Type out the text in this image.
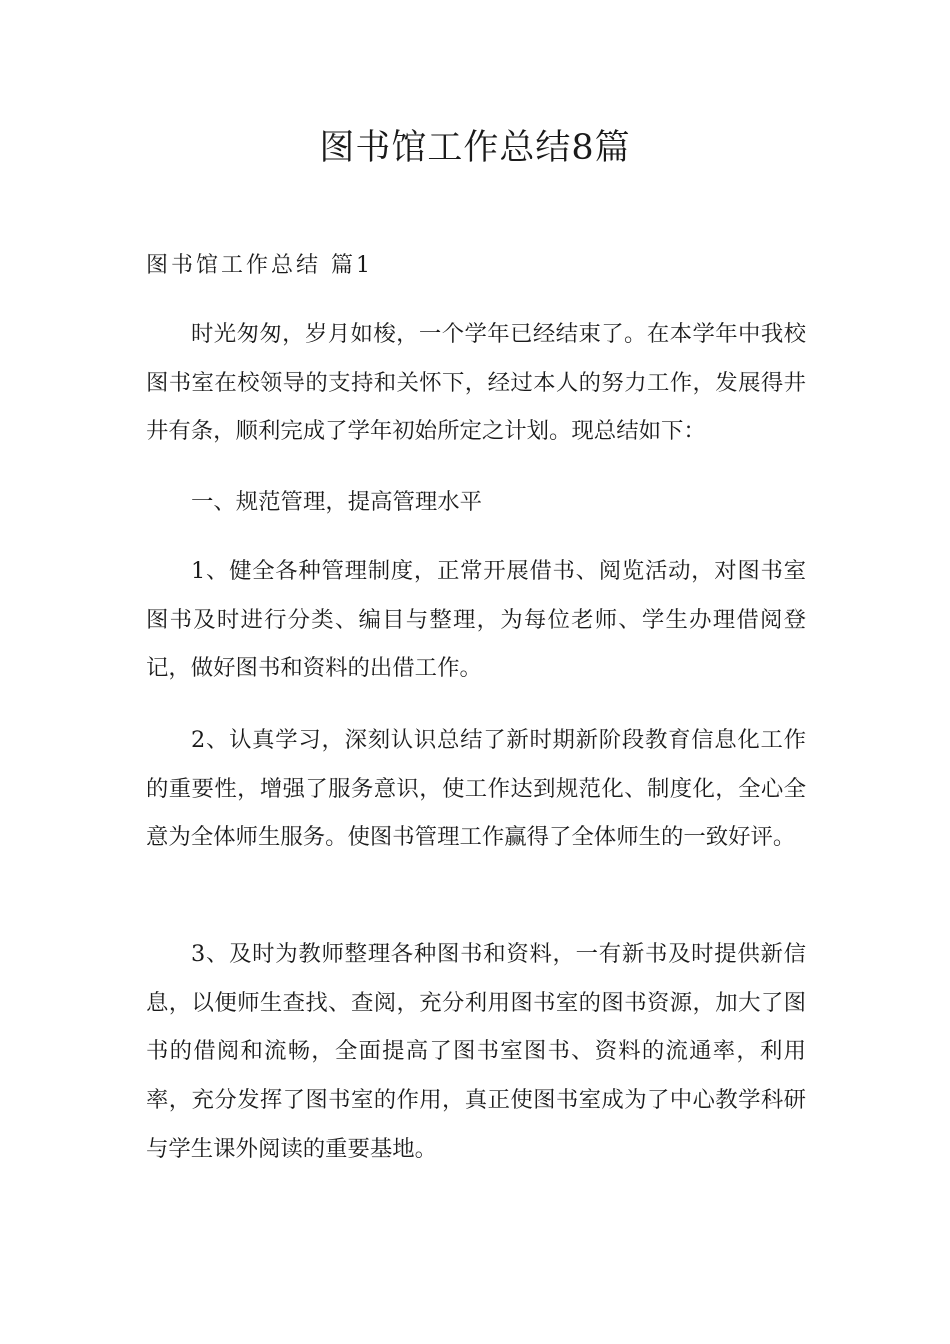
图书馆工作总结8篇
图书馆工作总结 篇1

时光匆匆，岁月如梭，一个学年已经结束了。在本学年中我校图书室在校领导的支持和关怀下，经过本人的努力工作，发展得井井有条，顺利完成了学年初始所定之计划。现总结如下：

一、规范管理，提高管理水平

1、健全各种管理制度，正常开展借书、阅览活动，对图书室图书及时进行分类、编目与整理，为每位老师、学生办理借阅登记，做好图书和资料的出借工作。

2、认真学习，深刻认识总结了新时期新阶段教育信息化工作的重要性，增强了服务意识，使工作达到规范化、制度化，全心全意为全体师生服务。使图书管理工作赢得了全体师生的一致好评。

3、及时为教师整理各种图书和资料，一有新书及时提供新信息，以便师生查找、查阅，充分利用图书室的图书资源，加大了图书的借阅和流畅，全面提高了图书室图书、资料的流通率，利用率，充分发挥了图书室的作用，真正使图书室成为了中心教学科研与学生课外阅读的重要基地。
